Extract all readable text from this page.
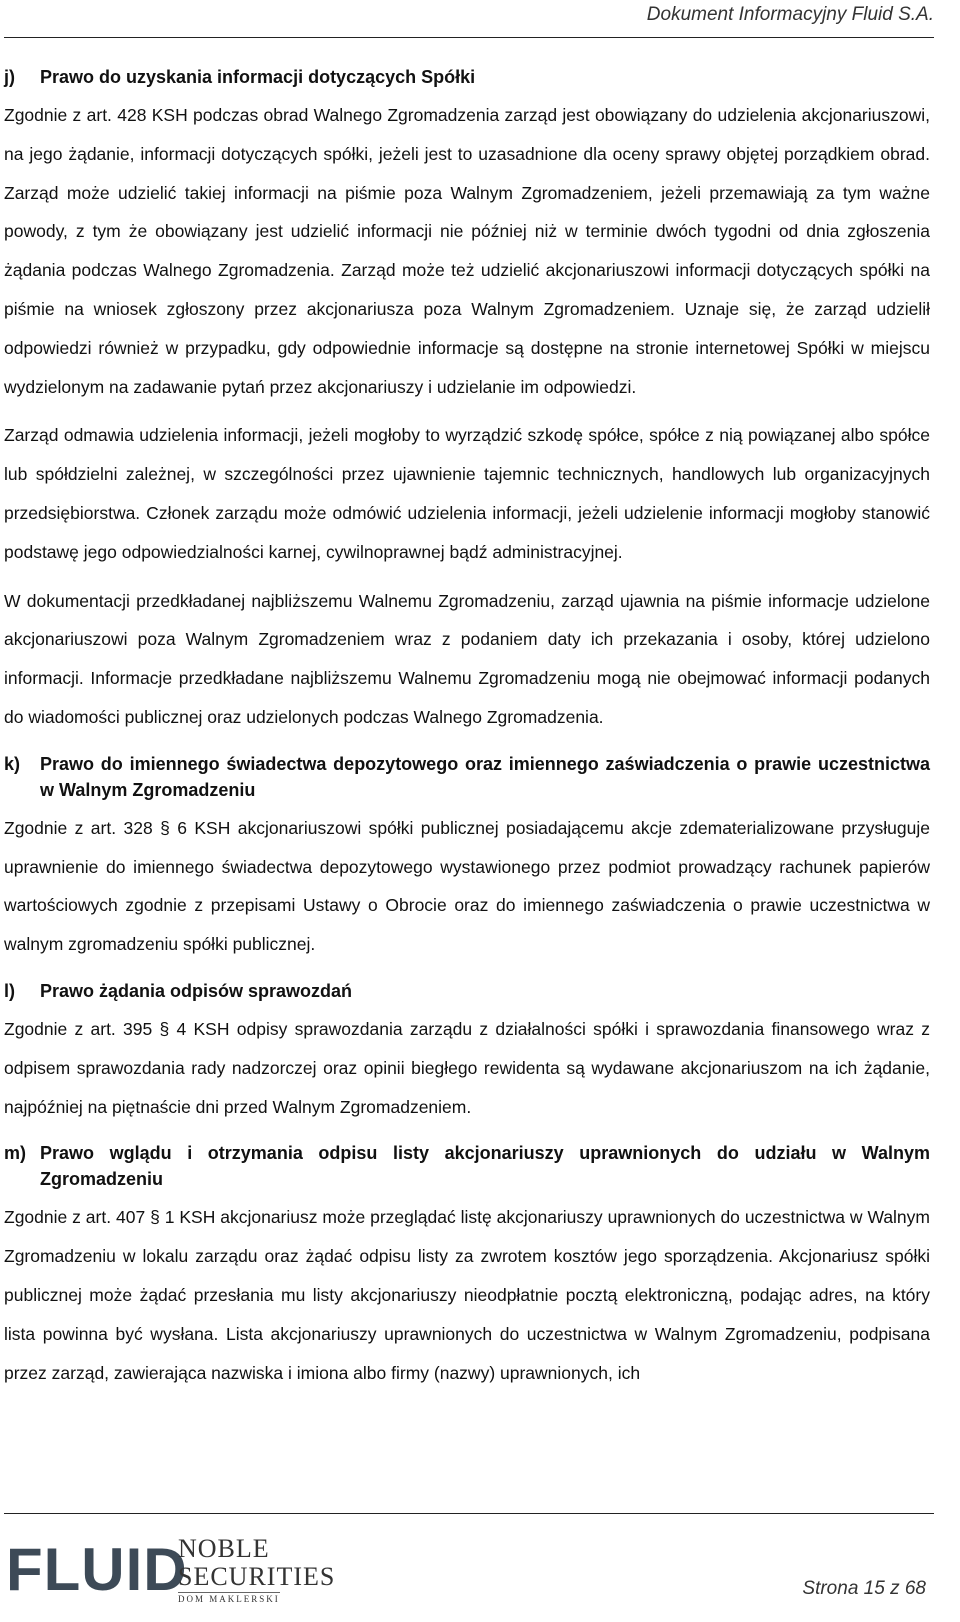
Dokument Informacyjny Fluid S.A.
j)	Prawo do uzyskania informacji dotyczących Spółki

Zgodnie z art. 428 KSH podczas obrad Walnego Zgromadzenia zarząd jest obowiązany do udzielenia akcjonariuszowi, na jego żądanie, informacji dotyczących spółki, jeżeli jest to uzasadnione dla oceny sprawy objętej porządkiem obrad. Zarząd może udzielić takiej informacji na piśmie poza Walnym Zgromadzeniem, jeżeli przemawiają za tym ważne powody, z tym że obowiązany jest udzielić informacji nie później niż w terminie dwóch tygodni od dnia zgłoszenia żądania podczas Walnego Zgromadzenia. Zarząd może też udzielić akcjonariuszowi informacji dotyczących spółki na piśmie na wniosek zgłoszony przez akcjonariusza poza Walnym Zgromadzeniem. Uznaje się, że zarząd udzielił odpowiedzi również w przypadku, gdy odpowiednie informacje są dostępne na stronie internetowej Spółki w miejscu wydzielonym na zadawanie pytań przez akcjonariuszy i udzielanie im odpowiedzi.

Zarząd odmawia udzielenia informacji, jeżeli mogłoby to wyrządzić szkodę spółce, spółce z nią powiązanej albo spółce lub spółdzielni zależnej, w szczególności przez ujawnienie tajemnic technicznych, handlowych lub organizacyjnych przedsiębiorstwa. Członek zarządu może odmówić udzielenia informacji, jeżeli udzielenie informacji mogłoby stanowić podstawę jego odpowiedzialności karnej, cywilnoprawnej bądź administracyjnej.

W dokumentacji przedkładanej najbliższemu Walnemu Zgromadzeniu, zarząd ujawnia na piśmie informacje udzielone akcjonariuszowi poza Walnym Zgromadzeniem wraz z podaniem daty ich przekazania i osoby, której udzielono informacji. Informacje przedkładane najbliższemu Walnemu Zgromadzeniu mogą nie obejmować informacji podanych do wiadomości publicznej oraz udzielonych podczas Walnego Zgromadzenia.

k)	Prawo do imiennego świadectwa depozytowego oraz imiennego zaświadczenia o prawie uczestnictwa w Walnym Zgromadzeniu

Zgodnie z art. 328 § 6 KSH akcjonariuszowi spółki publicznej posiadającemu akcje zdematerializowane przysługuje uprawnienie do imiennego świadectwa depozytowego wystawionego przez podmiot prowadzący rachunek papierów wartościowych zgodnie z przepisami Ustawy o Obrocie oraz do imiennego zaświadczenia o prawie uczestnictwa w walnym zgromadzeniu spółki publicznej.

l)	Prawo żądania odpisów sprawozdań

Zgodnie z art. 395 § 4 KSH odpisy sprawozdania zarządu z działalności spółki i sprawozdania finansowego wraz z odpisem sprawozdania rady nadzorczej oraz opinii biegłego rewidenta są wydawane akcjonariuszom na ich żądanie, najpóźniej na piętnaście dni przed Walnym Zgromadzeniem.

m) Prawo wglądu i otrzymania odpisu listy akcjonariuszy uprawnionych do udziału w Walnym Zgromadzeniu

Zgodnie z art. 407 § 1 KSH akcjonariusz może przeglądać listę akcjonariuszy uprawnionych do uczestnictwa w Walnym Zgromadzeniu w lokalu zarządu oraz żądać odpisu listy za zwrotem kosztów jego sporządzenia. Akcjonariusz spółki publicznej może żądać przesłania mu listy akcjonariuszy nieodpłatnie pocztą elektroniczną, podając adres, na który lista powinna być wysłana. Lista akcjonariuszy uprawnionych do uczestnictwa w Walnym Zgromadzeniu, podpisana przez zarząd, zawierająca nazwiska i imiona albo firmy (nazwy) uprawnionych, ich

FLUID
NOBLE
SECURITIES
DOM MAKLERSKI	Strona 15 z 68
